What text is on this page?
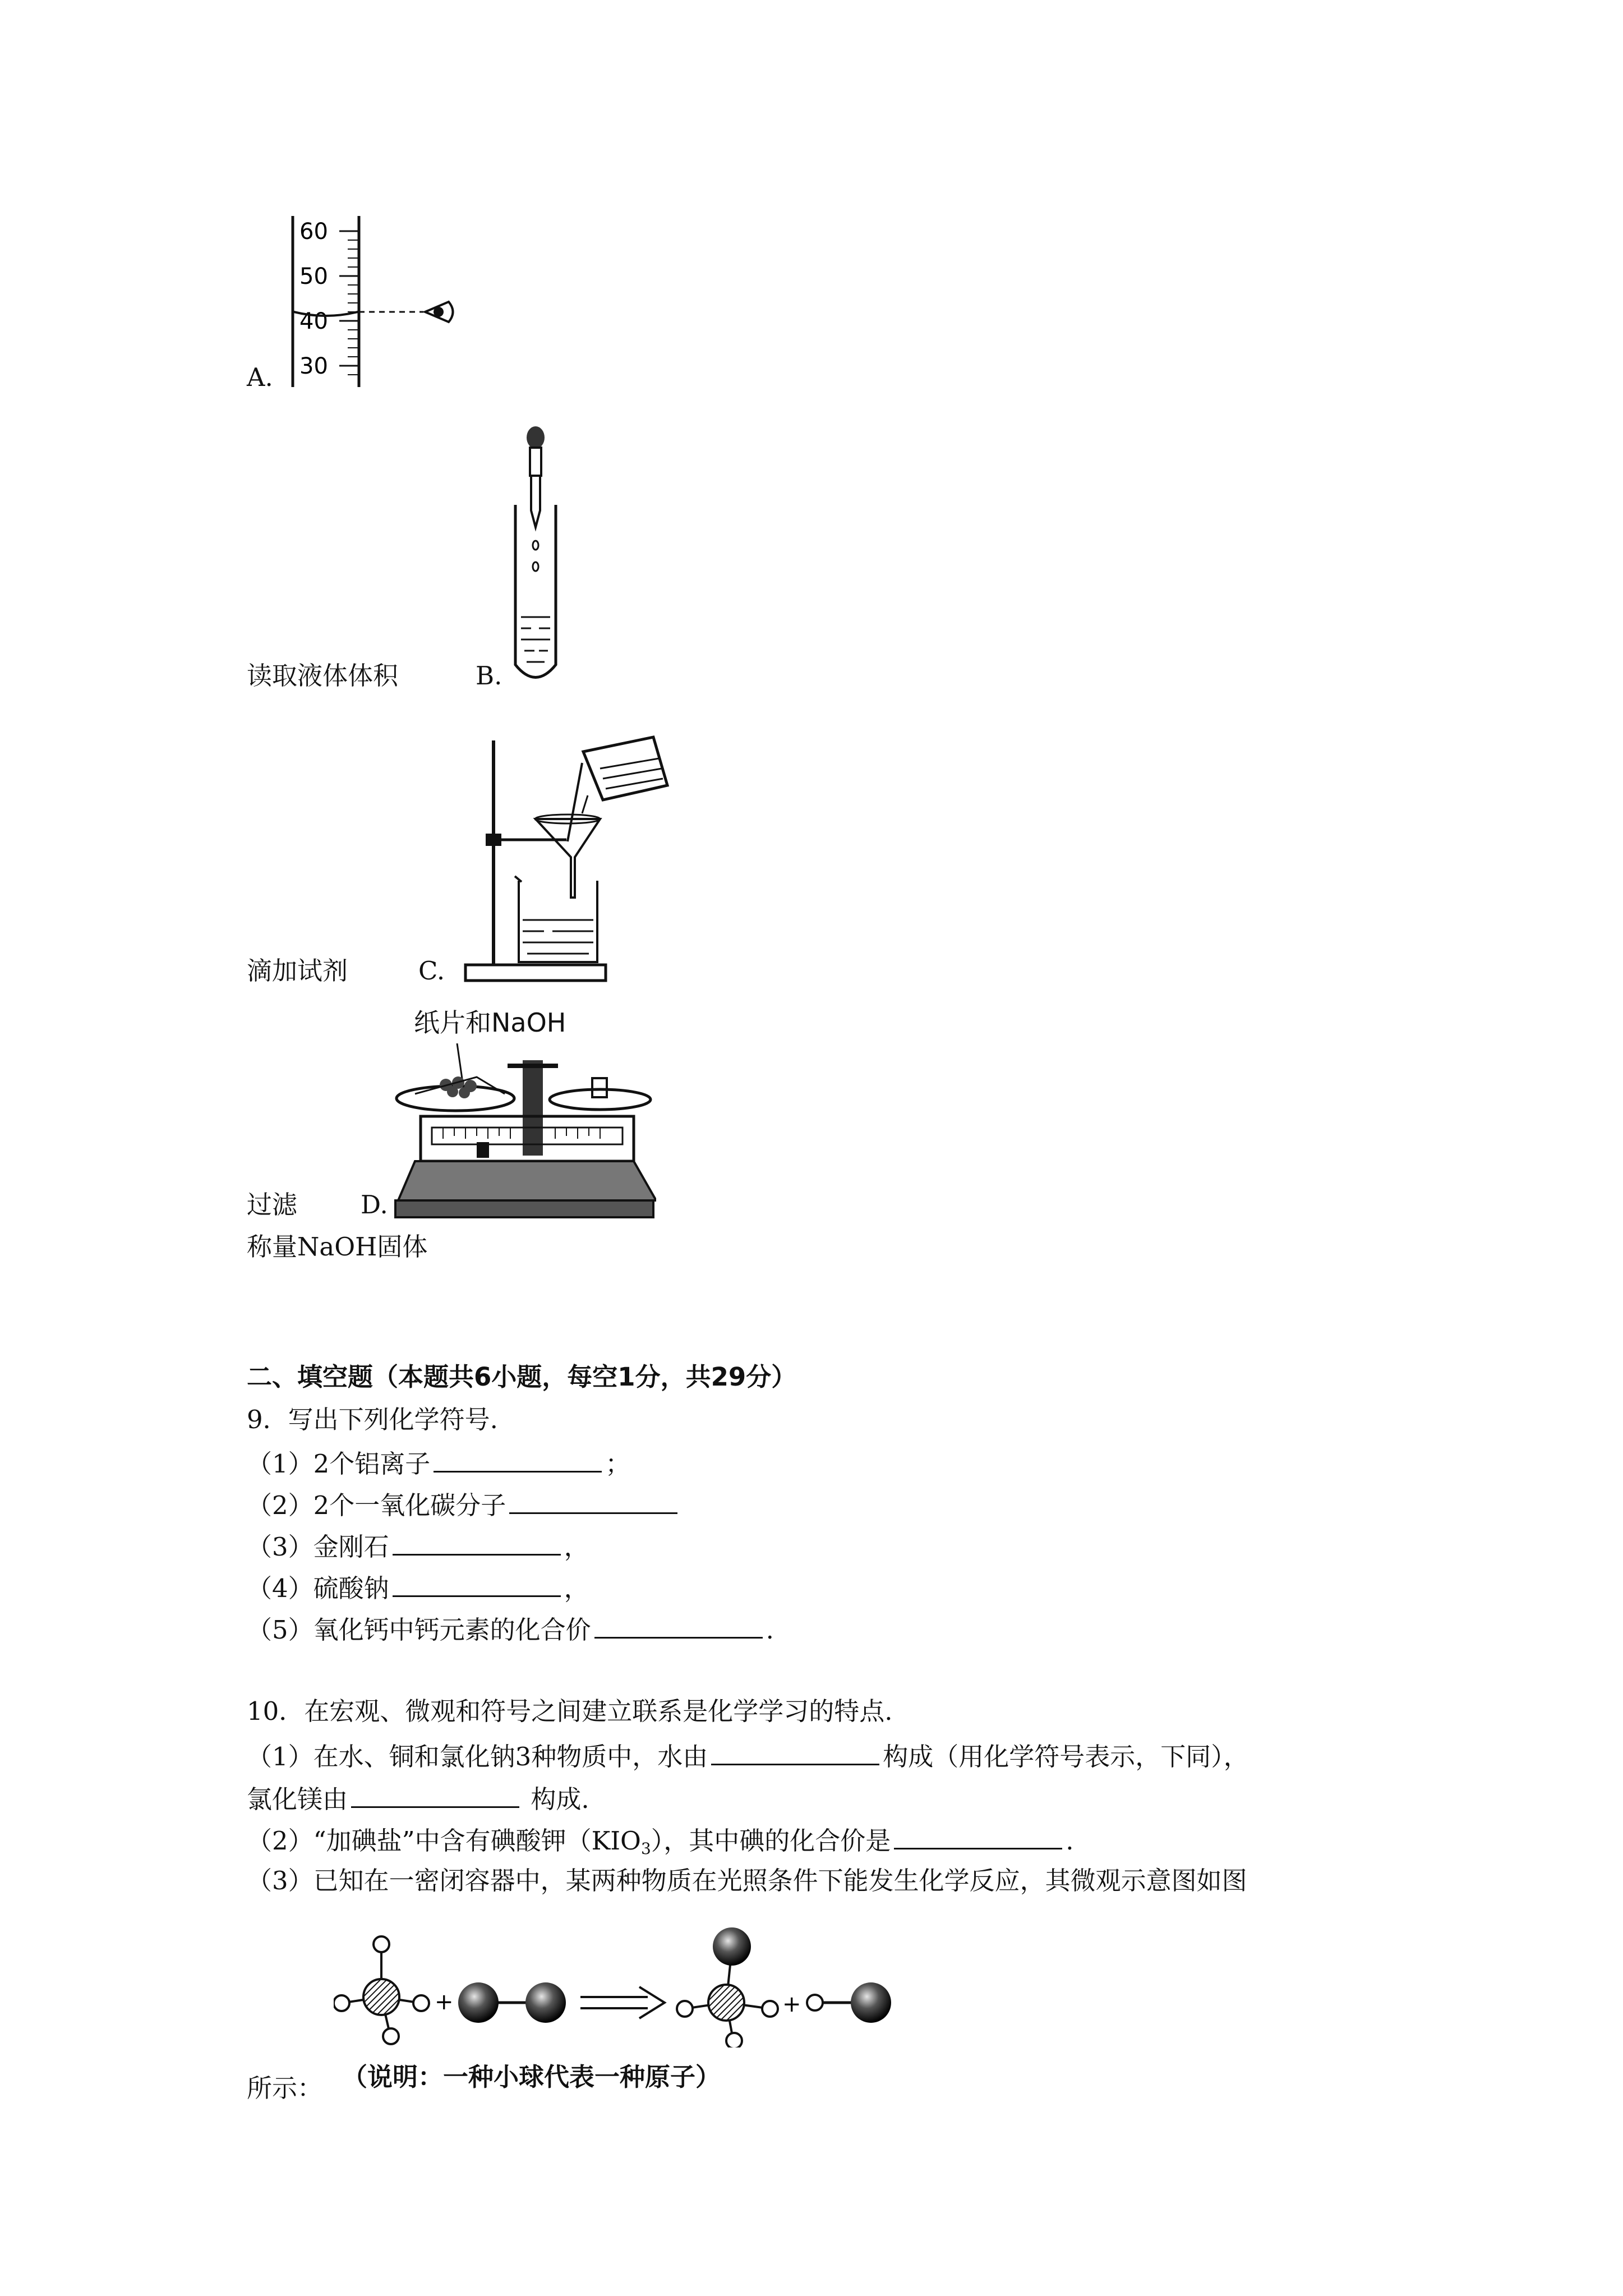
60
50
40
30
A.
读取液体体积	B.
滴加试剂	C.
纸片和NaOH
过滤	D.
称量NaOH固体
二、填空题（本题共6小题，每空1分，共29分）
9．写出下列化学符号.
（1）2个铝离子	；
（2）2个一氧化碳分子
（3）金刚石	，
（4）硫酸钠	，
（5）氧化钙中钙元素的化合价	.
10．在宏观、微观和符号之间建立联系是化学学习的特点.
（1）在水、铜和氯化钠3种物质中，水由	构成（用化学符号表示，下同），
氯化镁由	构成.
（2）“加碘盐”中含有碘酸钾$(KIO_3)$，其中碘的化合价是	.
（3）已知在一密闭容器中，某两种物质在光照条件下能发生化学反应，其微观示意图如图
+	+
所示： （说明：一种小球代表一种原子）
